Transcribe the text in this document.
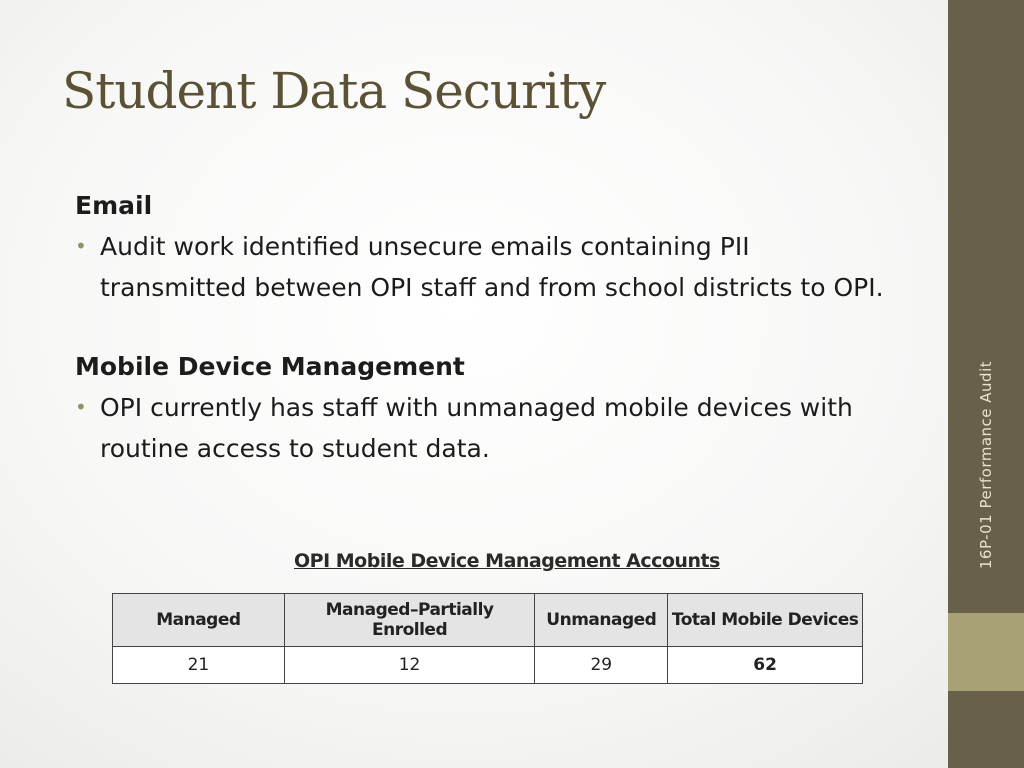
Student Data Security
Email
• Audit work identified unsecure emails containing PII transmitted between OPI staff and from school districts to OPI.
Mobile Device Management
• OPI currently has staff with unmanaged mobile devices with routine access to student data.
OPI Mobile Device Management Accounts
Managed	Managed–Partially Enrolled	Unmanaged	Total Mobile Devices
21	12	29	62
16P-01 Performance Audit
